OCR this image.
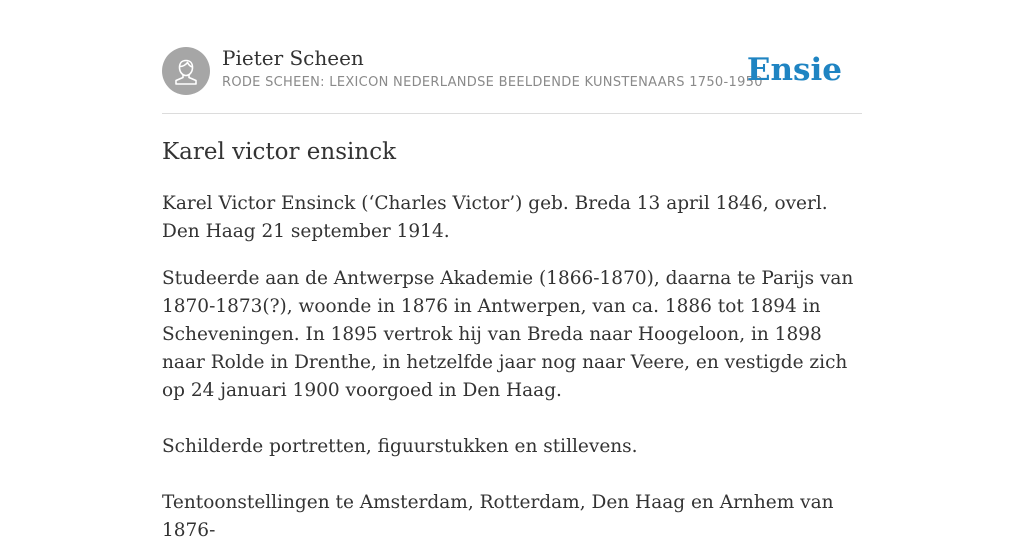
Pieter Scheen
RODE SCHEEN: LEXICON NEDERLANDSE BEELDENDE KUNSTENAARS 1750-1950
Ensie
Karel victor ensinck

Karel Victor Ensinck (‘Charles Victor’) geb. Breda 13 april 1846, overl. Den Haag 21 september 1914.

Studeerde aan de Antwerpse Akademie (1866-1870), daarna te Parijs van 1870-1873(?), woonde in 1876 in Antwerpen, van ca. 1886 tot 1894 in Scheveningen. In 1895 vertrok hij van Breda naar Hoogeloon, in 1898 naar Rolde in Drenthe, in hetzelfde jaar nog naar Veere, en vestigde zich op 24 januari 1900 voorgoed in Den Haag.

Schilderde portretten, figuurstukken en stillevens.

Tentoonstellingen te Amsterdam, Rotterdam, Den Haag en Arnhem van 1876-
